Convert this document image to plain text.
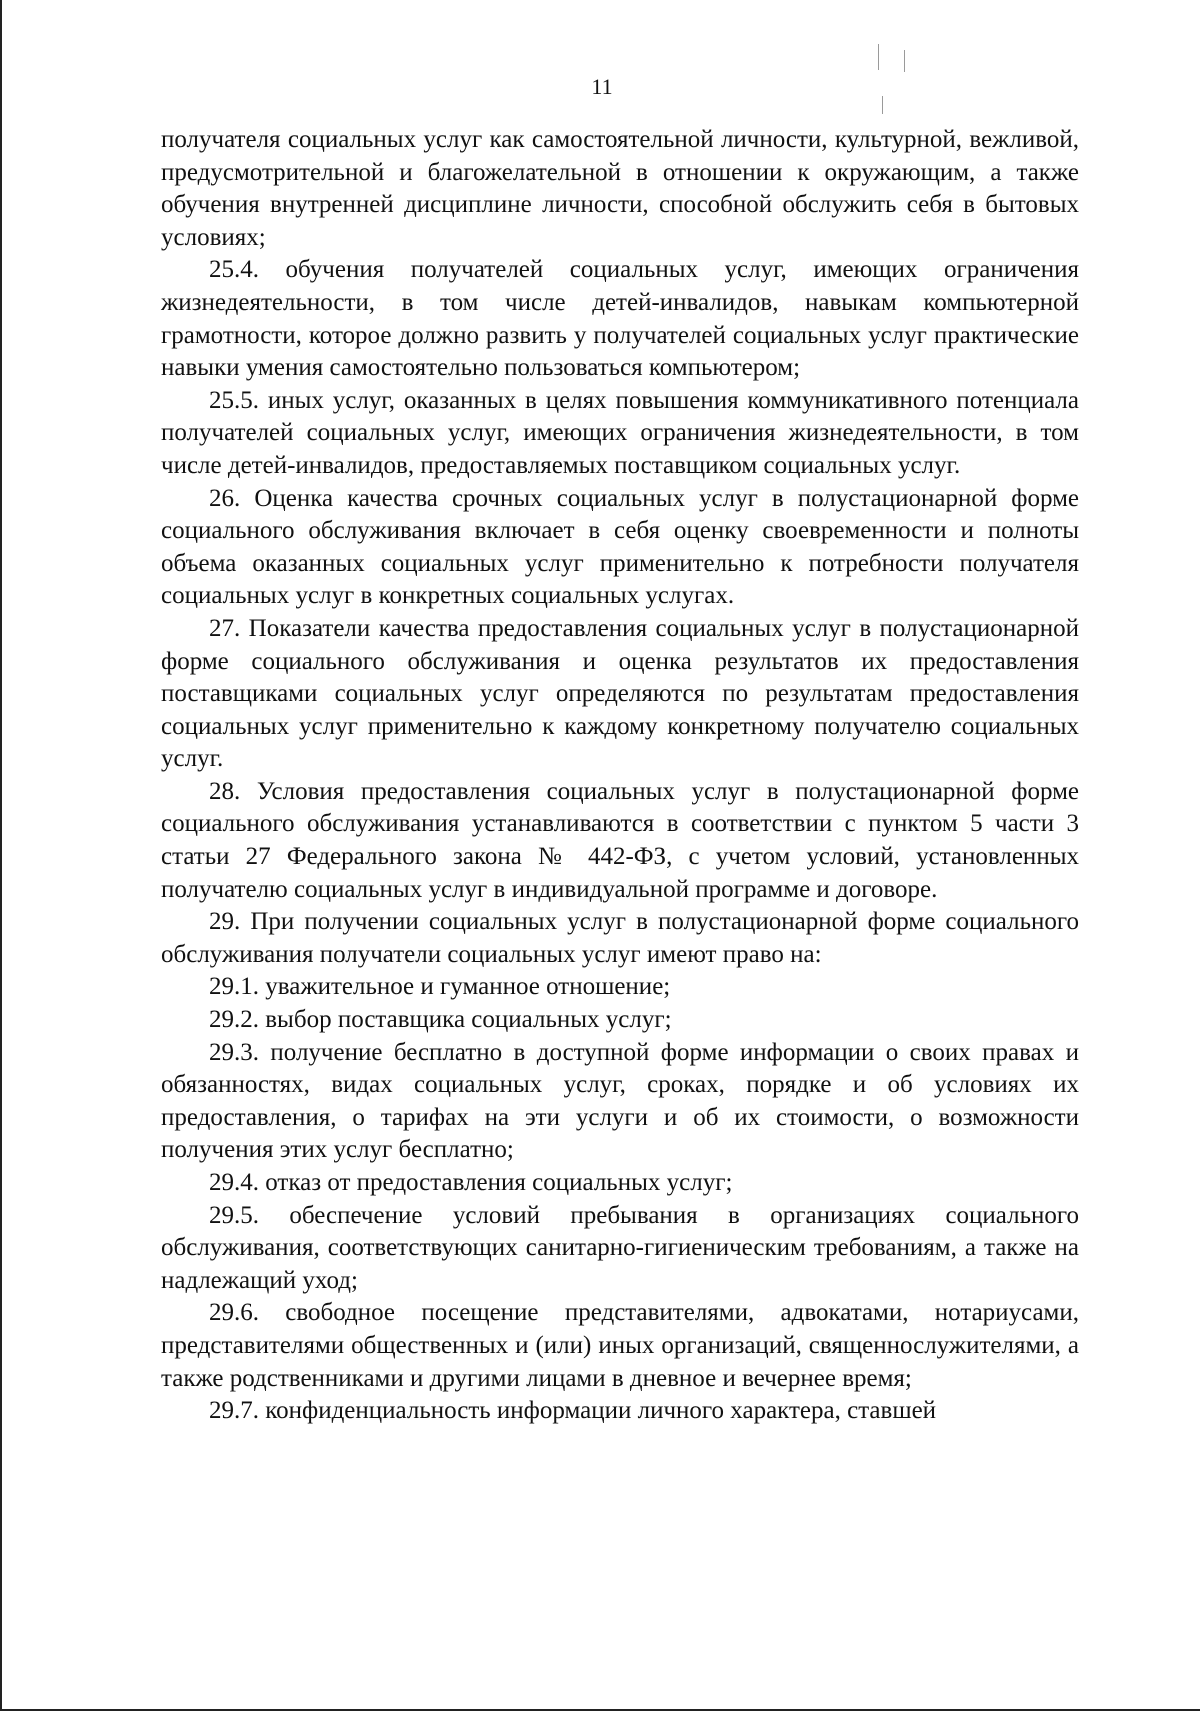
11

получателя социальных услуг как самостоятельной личности, культурной, вежливой, предусмотрительной и благожелательной в отношении к окружающим, а также обучения внутренней дисциплине личности, способной обслужить себя в бытовых условиях;

25.4. обучения получателей социальных услуг, имеющих ограничения жизнедеятельности, в том числе детей-инвалидов, навыкам компьютерной грамотности, которое должно развить у получателей социальных услуг практические навыки умения самостоятельно пользоваться компьютером;

25.5. иных услуг, оказанных в целях повышения коммуникативного потенциала получателей социальных услуг, имеющих ограничения жизнедеятельности, в том числе детей-инвалидов, предоставляемых поставщиком социальных услуг.

26. Оценка качества срочных социальных услуг в полустационарной форме социального обслуживания включает в себя оценку своевременности и полноты объема оказанных социальных услуг применительно к потребности получателя социальных услуг в конкретных социальных услугах.

27. Показатели качества предоставления социальных услуг в полустационарной форме социального обслуживания и оценка результатов их предоставления поставщиками социальных услуг определяются по результатам предоставления социальных услуг применительно к каждому конкретному получателю социальных услуг.

28. Условия предоставления социальных услуг в полустационарной форме социального обслуживания устанавливаются в соответствии с пунктом 5 части 3 статьи 27 Федерального закона № 442-ФЗ, с учетом условий, установленных получателю социальных услуг в индивидуальной программе и договоре.

29. При получении социальных услуг в полустационарной форме социального обслуживания получатели социальных услуг имеют право на:

29.1. уважительное и гуманное отношение;

29.2. выбор поставщика социальных услуг;

29.3. получение бесплатно в доступной форме информации о своих правах и обязанностях, видах социальных услуг, сроках, порядке и об условиях их предоставления, о тарифах на эти услуги и об их стоимости, о возможности получения этих услуг бесплатно;

29.4. отказ от предоставления социальных услуг;

29.5. обеспечение условий пребывания в организациях социального обслуживания, соответствующих санитарно-гигиеническим требованиям, а также на надлежащий уход;

29.6. свободное посещение представителями, адвокатами, нотариусами, представителями общественных и (или) иных организаций, священнослужителями, а также родственниками и другими лицами в дневное и вечернее время;

29.7. конфиденциальность информации личного характера, ставшей
